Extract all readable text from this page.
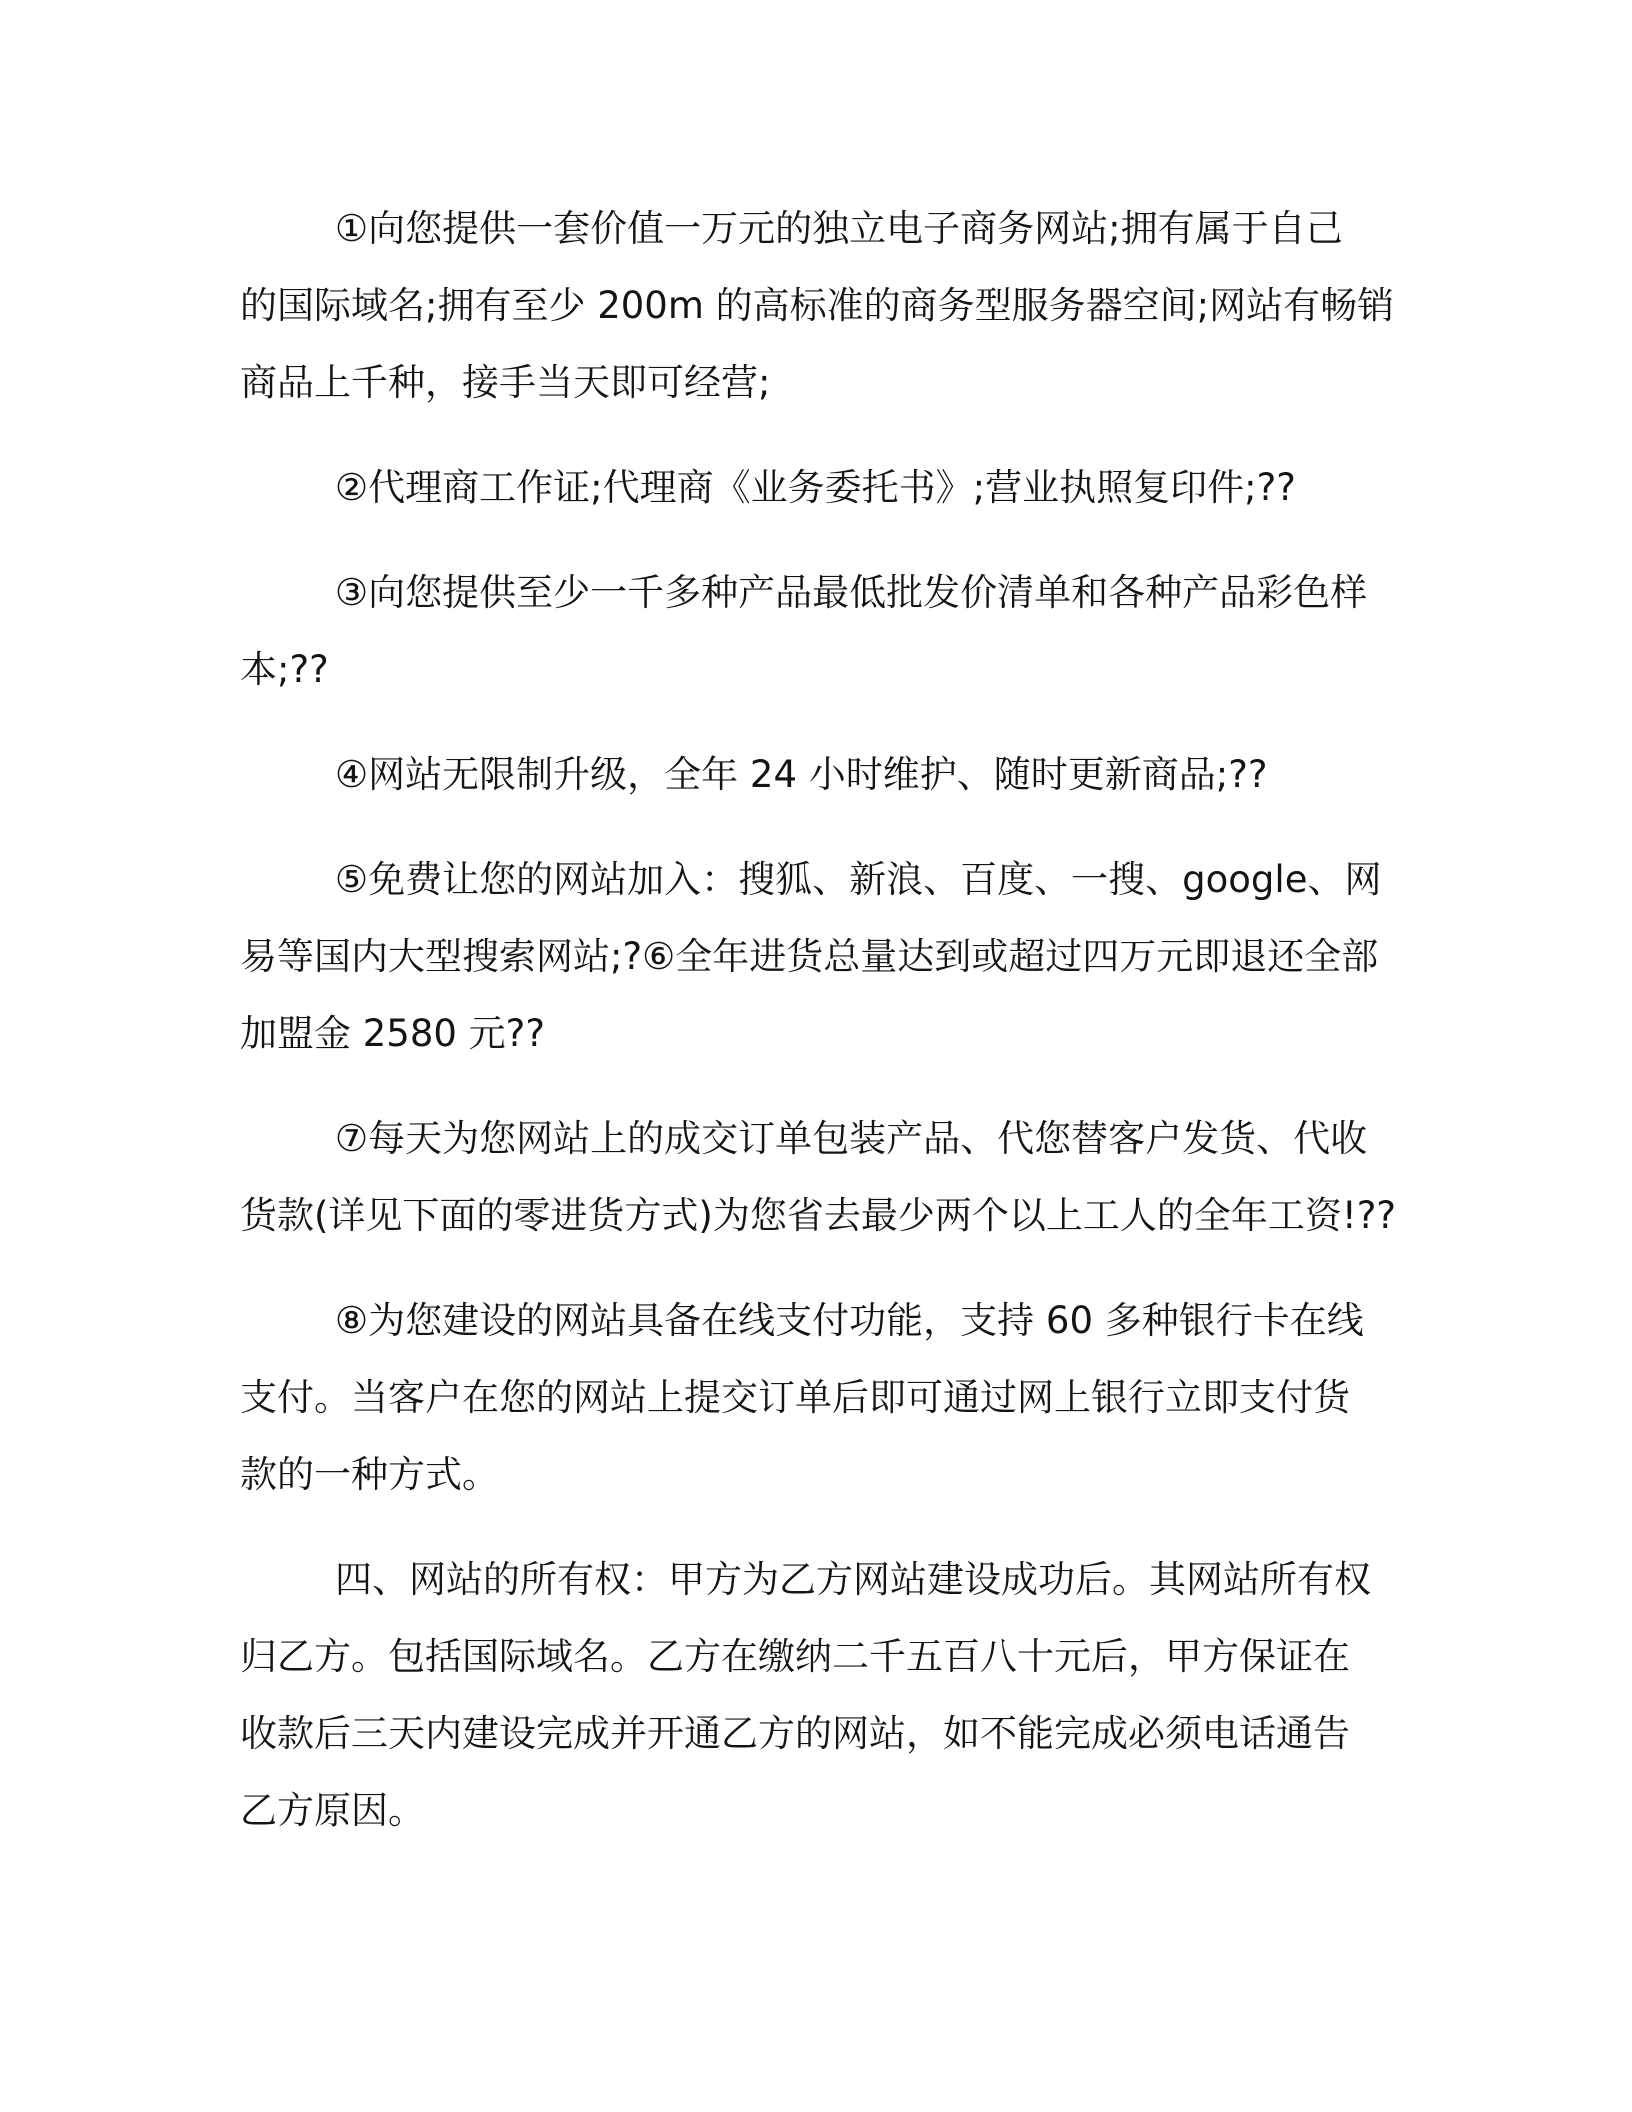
①向您提供一套价值一万元的独立电子商务网站;拥有属于自己
的国际域名;拥有至少 200m 的高标准的商务型服务器空间;网站有畅销
商品上千种，接手当天即可经营;

②代理商工作证;代理商《业务委托书》;营业执照复印件;??

③向您提供至少一千多种产品最低批发价清单和各种产品彩色样
本;??

④网站无限制升级，全年 24 小时维护、随时更新商品;??

⑤免费让您的网站加入：搜狐、新浪、百度、一搜、google、网
易等国内大型搜索网站;?⑥全年进货总量达到或超过四万元即退还全部
加盟金 2580 元??

⑦每天为您网站上的成交订单包装产品、代您替客户发货、代收
货款(详见下面的零进货方式)为您省去最少两个以上工人的全年工资!??

⑧为您建设的网站具备在线支付功能，支持 60 多种银行卡在线
支付。当客户在您的网站上提交订单后即可通过网上银行立即支付货
款的一种方式。

四、网站的所有权：甲方为乙方网站建设成功后。其网站所有权
归乙方。包括国际域名。乙方在缴纳二千五百八十元后，甲方保证在
收款后三天内建设完成并开通乙方的网站，如不能完成必须电话通告
乙方原因。
